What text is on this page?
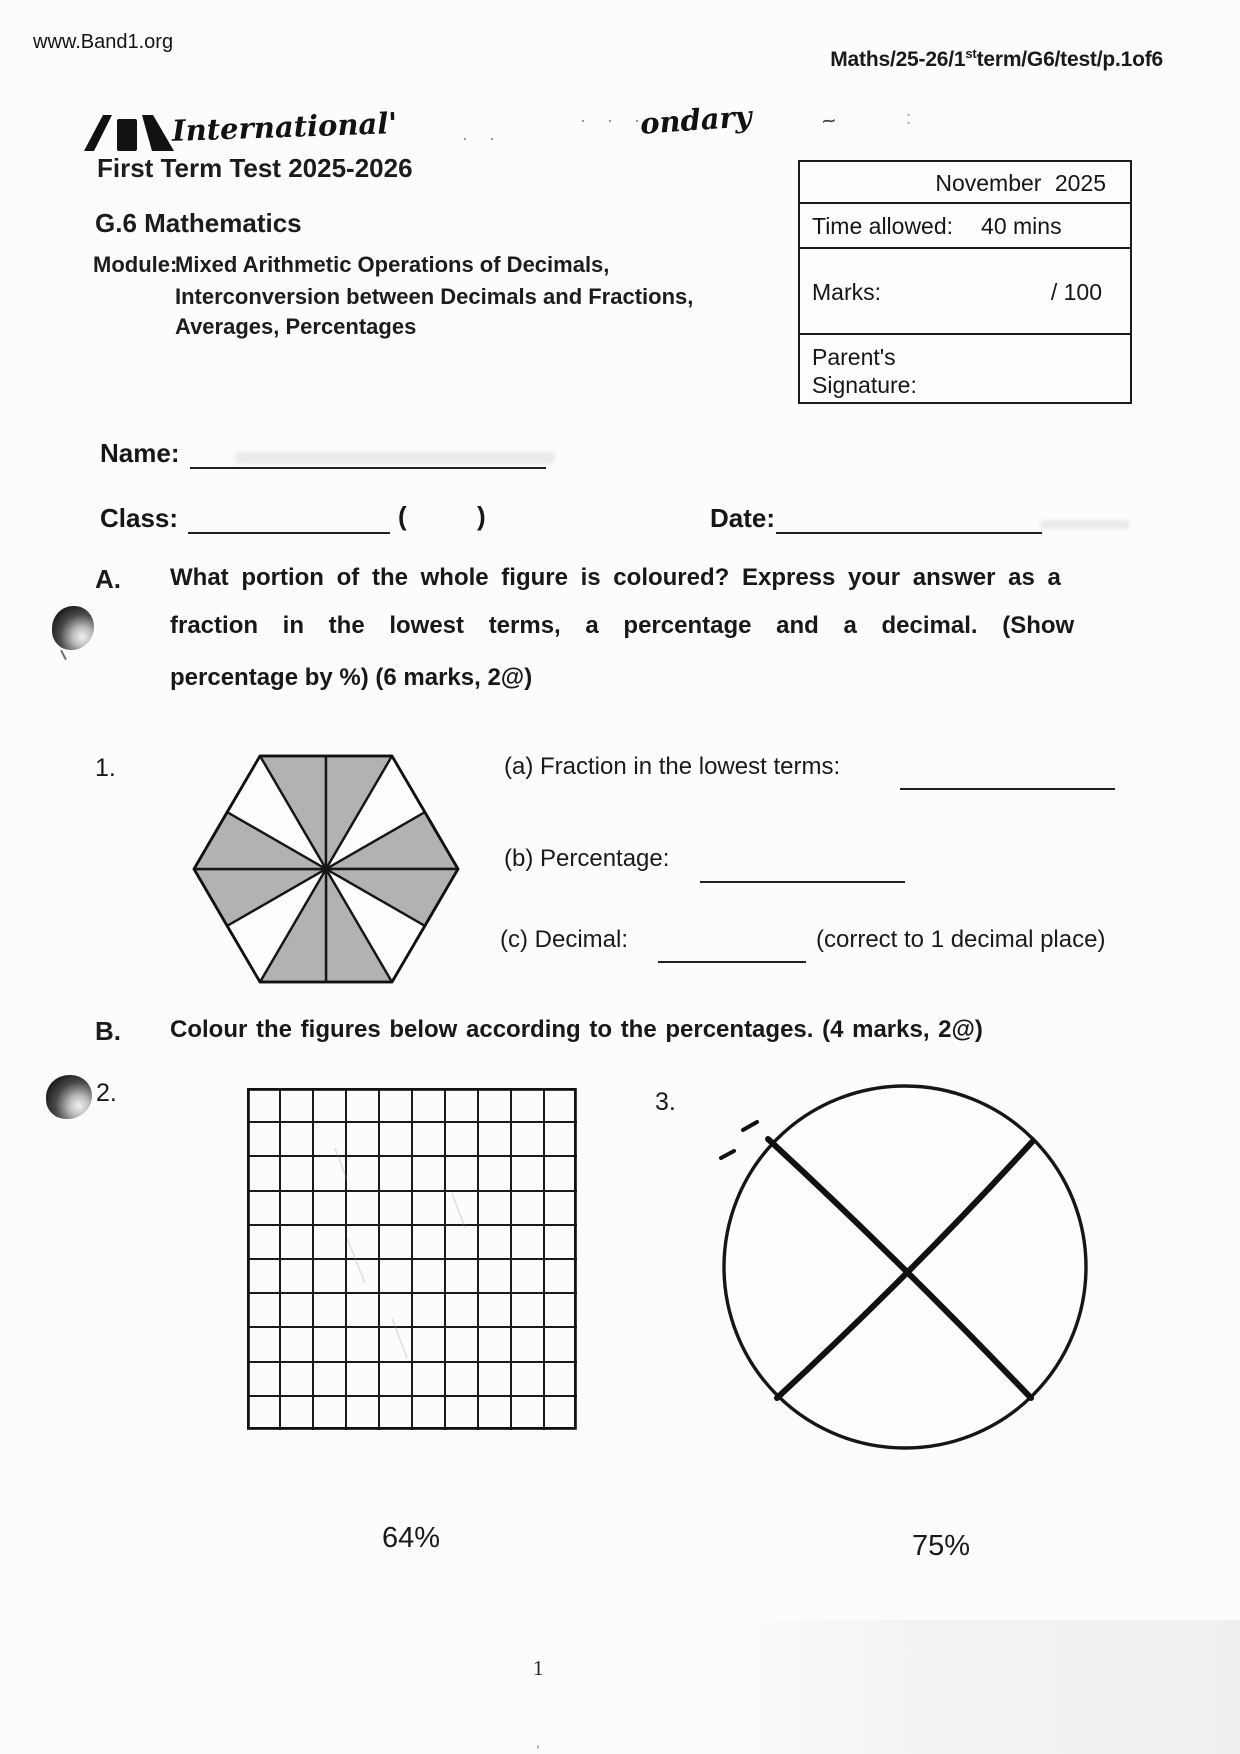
www.Band1.org
Maths/25-26/1stterm/G6/test/p.1of6
International'	· ·
· · ·
ondary	~	:
First Term Test 2025-2026
G.6 Mathematics
Module:
Mixed Arithmetic Operations of Decimals,
Interconversion between Decimals and Fractions,
Averages, Percentages
November 2025
Time allowed: 40 mins
Marks:	/ 100
Parent's
Signature:
Name:
Class:	(	)	Date:
A. What portion of the whole figure is coloured? Express your answer as a
fraction in the lowest terms, a percentage and a decimal. (Show
percentage by %) (6 marks, 2@)
1.	(a) Fraction in the lowest terms:
(b) Percentage:
(c) Decimal:	(correct to 1 decimal place)
B. Colour the figures below according to the percentages. (4 marks, 2@)
2.
64%
3.
75%
1
,
